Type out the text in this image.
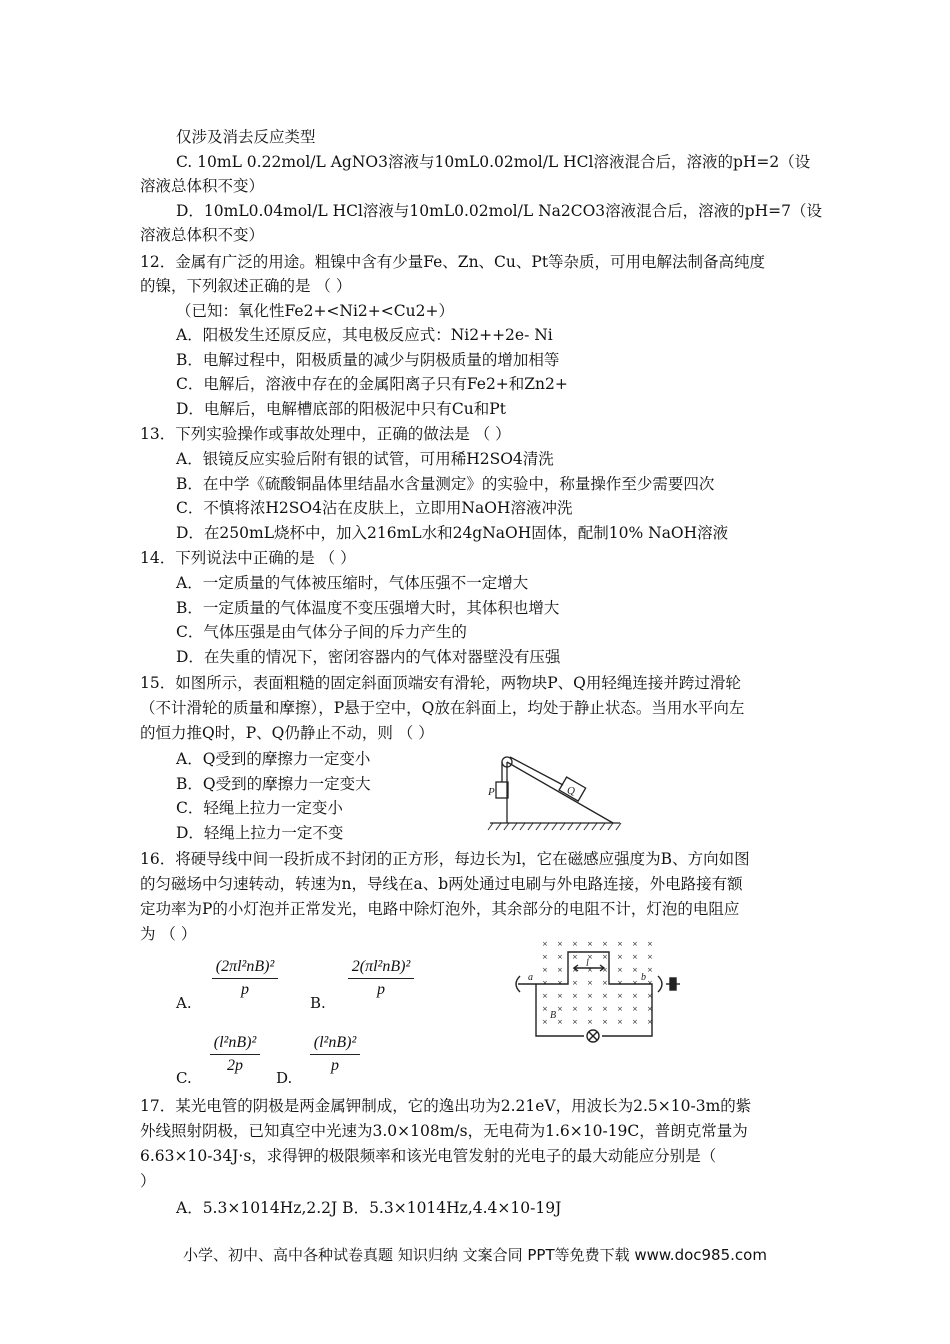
仅涉及消去反应类型
C. 10mL 0.22mol/L AgNO3溶液与10mL0.02mol/L HCl溶液混合后，溶液的pH=2（设
溶液总体积不变）
D．10mL0.04mol/L HCl溶液与10mL0.02mol/L Na2CO3溶液混合后，溶液的pH=7（设
溶液总体积不变）
12．金属有广泛的用途。粗镍中含有少量Fe、Zn、Cu、Pt等杂质，可用电解法制备高纯度
的镍，下列叙述正确的是 （ ）
（已知：氧化性Fe2+<Ni2+<Cu2+）
A．阳极发生还原反应，其电极反应式：Ni2++2e- Ni
B．电解过程中，阳极质量的减少与阴极质量的增加相等
C．电解后，溶液中存在的金属阳离子只有Fe2+和Zn2+
D．电解后，电解槽底部的阳极泥中只有Cu和Pt
13．下列实验操作或事故处理中，正确的做法是 （ ）
A．银镜反应实验后附有银的试管，可用稀H2SO4清洗
B．在中学《硫酸铜晶体里结晶水含量测定》的实验中，称量操作至少需要四次
C．不慎将浓H2SO4沾在皮肤上，立即用NaOH溶液冲洗
D．在250mL烧杯中，加入216mL水和24gNaOH固体，配制10% NaOH溶液
14．下列说法中正确的是 （ ）
A．一定质量的气体被压缩时，气体压强不一定增大
B．一定质量的气体温度不变压强增大时，其体积也增大
C．气体压强是由气体分子间的斥力产生的
D．在失重的情况下，密闭容器内的气体对器壁没有压强
15．如图所示，表面粗糙的固定斜面顶端安有滑轮，两物块P、Q用轻绳连接并跨过滑轮
（不计滑轮的质量和摩擦），P悬于空中，Q放在斜面上，均处于静止状态。当用水平向左
的恒力推Q时，P、Q仍静止不动，则 （ ）
A．Q受到的摩擦力一定变小
B．Q受到的摩擦力一定变大
C．轻绳上拉力一定变小
D．轻绳上拉力一定不变
16．将硬导线中间一段折成不封闭的正方形，每边长为l，它在磁感应强度为B、方向如图
的匀磁场中匀速转动，转速为n，导线在a、b两处通过电刷与外电路连接，外电路接有额
定功率为P的小灯泡并正常发光，电路中除灯泡外，其余部分的电阻不计，灯泡的电阻应
为 （ ）
A.
$\frac{\text{(2πl²nB)²}}{p}$
B.
$\frac{\text{2(πl²nB)²}}{p}$
C.
$\frac{\text{(l²nB)²}}{2p}$
D.
$\frac{\text{(l²nB)²}}{p}$
17．某光电管的阴极是两金属钾制成，它的逸出功为2.21eV，用波长为2.5×10-3m的紫
外线照射阴极，已知真空中光速为3.0×108m/s，无电荷为1.6×10-19C，普朗克常量为
6.63×10-34J·s，求得钾的极限频率和该光电管发射的光电子的最大动能应分别是（
）
A．5.3×1014Hz,2.2J B．5.3×1014Hz,4.4×10-19J
P	Q
× × × × × × × ×
× × × × × × × ×
× × × × × × × ×
× × × × × × × ×
× × × × × × × ×
× × × × × × × ×
× × × × × × × ×
a	b
B
l
小学、初中、高中各种试卷真题 知识归纳 文案合同 PPT等免费下载 www.doc985.com
